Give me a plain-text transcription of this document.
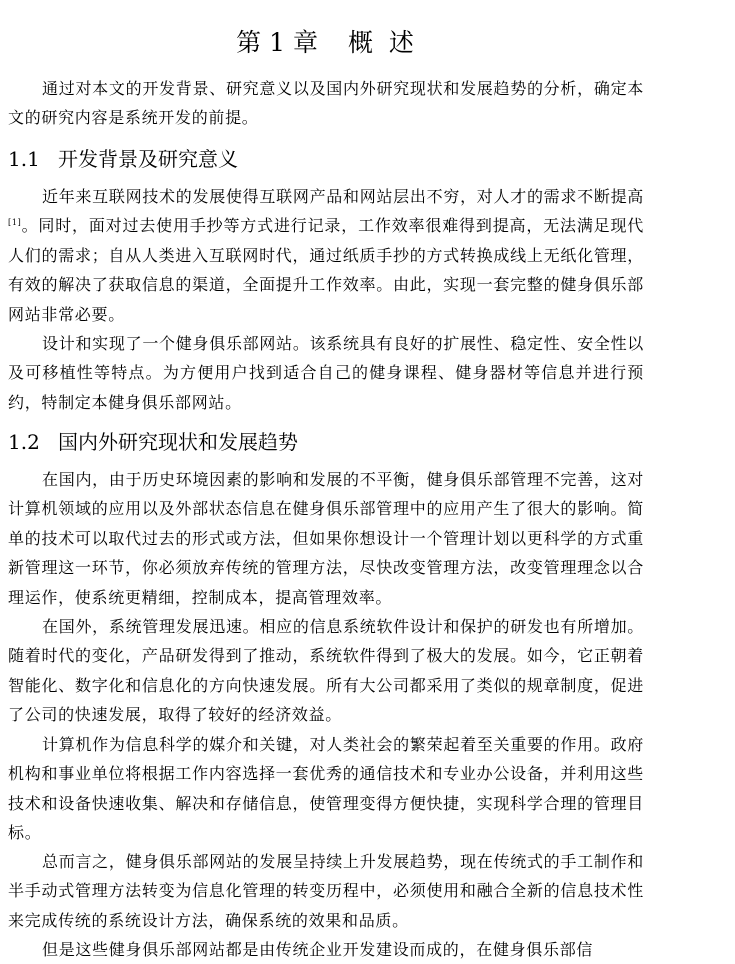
第 1 章 概  述

通过对本文的开发背景、研究意义以及国内外研究现状和发展趋势的分析，确定本文的研究内容是系统开发的前提。

1.1 开发背景及研究意义

近年来互联网技术的发展使得互联网产品和网站层出不穷，对人才的需求不断提高[1]。同时，面对过去使用手抄等方式进行记录，工作效率很难得到提高，无法满足现代人们的需求；自从人类进入互联网时代，通过纸质手抄的方式转换成线上无纸化管理，有效的解决了获取信息的渠道，全面提升工作效率。由此，实现一套完整的健身俱乐部网站非常必要。

设计和实现了一个健身俱乐部网站。该系统具有良好的扩展性、稳定性、安全性以及可移植性等特点。为方便用户找到适合自己的健身课程、健身器材等信息并进行预约，特制定本健身俱乐部网站。

1.2 国内外研究现状和发展趋势

在国内，由于历史环境因素的影响和发展的不平衡，健身俱乐部管理不完善，这对计算机领域的应用以及外部状态信息在健身俱乐部管理中的应用产生了很大的影响。简单的技术可以取代过去的形式或方法，但如果你想设计一个管理计划以更科学的方式重新管理这一环节，你必须放弃传统的管理方法，尽快改变管理方法，改变管理理念以合理运作，使系统更精细，控制成本，提高管理效率。

在国外，系统管理发展迅速。相应的信息系统软件设计和保护的研发也有所增加。随着时代的变化，产品研发得到了推动，系统软件得到了极大的发展。如今，它正朝着智能化、数字化和信息化的方向快速发展。所有大公司都采用了类似的规章制度，促进了公司的快速发展，取得了较好的经济效益。

计算机作为信息科学的媒介和关键，对人类社会的繁荣起着至关重要的作用。政府机构和事业单位将根据工作内容选择一套优秀的通信技术和专业办公设备，并利用这些技术和设备快速收集、解决和存储信息，使管理变得方便快捷，实现科学合理的管理目标。

总而言之，健身俱乐部网站的发展呈持续上升发展趋势，现在传统式的手工制作和半手动式管理方法转变为信息化管理的转变历程中，必须使用和融合全新的信息技术性来完成传统的系统设计方法，确保系统的效果和品质。

但是这些健身俱乐部网站都是由传统企业开发建设而成的，在健身俱乐部信
